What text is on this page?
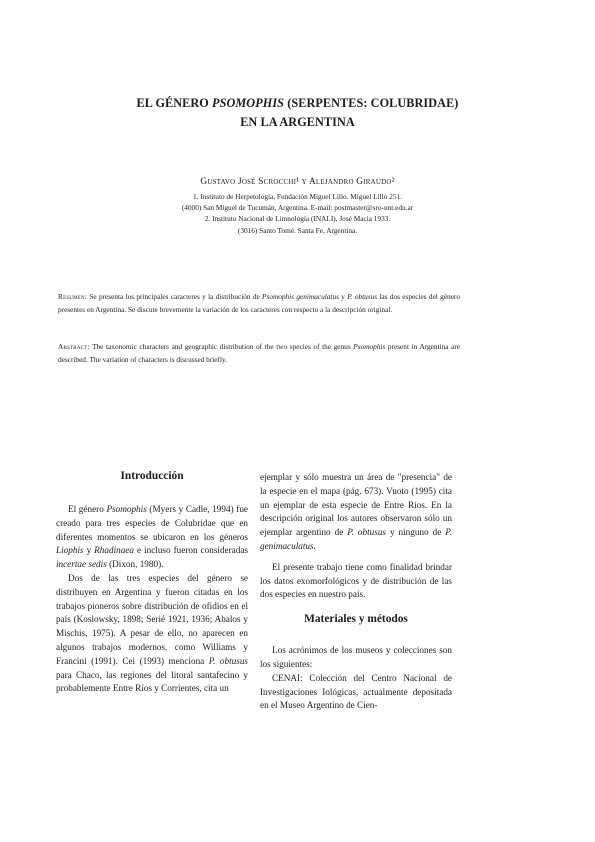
EL GÉNERO PSOMOPHIS (SERPENTES: COLUBRIDAE)
EN LA ARGENTINA
Gustavo José Scrocchi¹ y Alejandro Giraudo²
1. Instituto de Herpetología, Fundación Miguel Lillo. Miguel Lillo 251.
(4000) San Miguel de Tucumán, Argentina. E-mail: postmaster@sro-unt.edu.ar
2. Instituto Nacional de Limnología (INALI), José Macia 1933.
(3016) Santo Tomé. Santa Fe, Argentina.
Resumen: Se presenta los principales caracteres y la distribución de Psomophis genimaculatus y P. obtusus las dos especies del género presentes en Argentina. Se discute brevemente la variación de los caracteres con respecto a la descripción original.
Abstract: The taxonomic characters and geographic distribution of the two species of the genus Psomophis present in Argentina are described. The variation of characters is discussed briefly.
Introducción

El género Psomophis (Myers y Cadle, 1994) fue creado para tres especies de Colubridae que en diferentes momentos se ubicaron en los géneros Liophis y Rhadinaea e incluso fueron consideradas incertae sedis (Dixon, 1980).

Dos de las tres especies del género se distribuyen en Argentina y fueron citadas en los trabajos pioneros sobre distribución de ofidios en el país (Koslowsky, 1898; Serié 1921, 1936; Abalos y Mischis, 1975). A pesar de ello, no aparecen en algunos trabajos modernos, como Williams y Francini (1991). Cei (1993) menciona P. obtusus para Chaco, las regiones del litoral santafecino y probablemente Entre Ríos y Corrientes, cita un

ejemplar y sólo muestra un área de "presencia" de la especie en el mapa (pág. 673). Vuoto (1995) cita un ejemplar de esta especie de Entre Ríos. En la descripción original los autores observaron sólo un ejemplar argentino de P. obtusus y ninguno de P. genimaculatus.

El presente trabajo tiene como finalidad brindar los datos exomorfológicos y de distribución de las dos especies en nuestro país.

Materiales y métodos

Los acrónimos de los museos y colecciones son los siguientes:

CENAI: Colección del Centro Nacional de Investigaciones Iológicas, actualmente depositada en el Museo Argentino de Cien-
